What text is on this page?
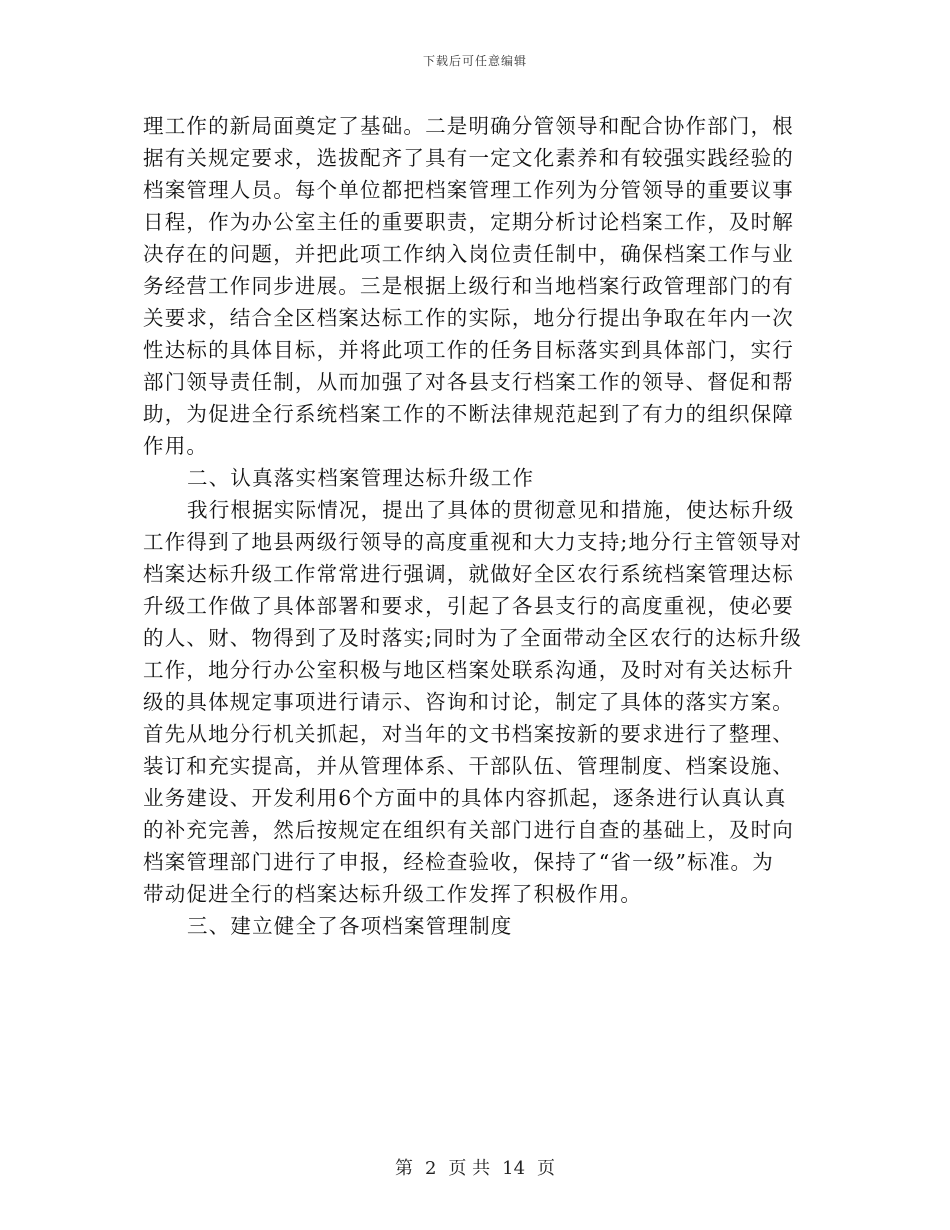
下载后可任意编辑
理工作的新局面奠定了基础。二是明确分管领导和配合协作部门，根
据有关规定要求，选拔配齐了具有一定文化素养和有较强实践经验的
档案管理人员。每个单位都把档案管理工作列为分管领导的重要议事
日程，作为办公室主任的重要职责，定期分析讨论档案工作，及时解
决存在的问题，并把此项工作纳入岗位责任制中，确保档案工作与业
务经营工作同步进展。三是根据上级行和当地档案行政管理部门的有
关要求，结合全区档案达标工作的实际，地分行提出争取在年内一次
性达标的具体目标，并将此项工作的任务目标落实到具体部门，实行
部门领导责任制，从而加强了对各县支行档案工作的领导、督促和帮
助，为促进全行系统档案工作的不断法律规范起到了有力的组织保障
作用。
二、认真落实档案管理达标升级工作
我行根据实际情况，提出了具体的贯彻意见和措施，使达标升级
工作得到了地县两级行领导的高度重视和大力支持;地分行主管领导对
档案达标升级工作常常进行强调，就做好全区农行系统档案管理达标
升级工作做了具体部署和要求，引起了各县支行的高度重视，使必要
的人、财、物得到了及时落实;同时为了全面带动全区农行的达标升级
工作，地分行办公室积极与地区档案处联系沟通，及时对有关达标升
级的具体规定事项进行请示、咨询和讨论，制定了具体的落实方案。
首先从地分行机关抓起，对当年的文书档案按新的要求进行了整理、
装订和充实提高，并从管理体系、干部队伍、管理制度、档案设施、
业务建设、开发利用6个方面中的具体内容抓起，逐条进行认真认真
的补充完善，然后按规定在组织有关部门进行自查的基础上，及时向
档案管理部门进行了申报，经检查验收，保持了“省一级”标准。为
带动促进全行的档案达标升级工作发挥了积极作用。
三、建立健全了各项档案管理制度
第 2 页 共 14 页
